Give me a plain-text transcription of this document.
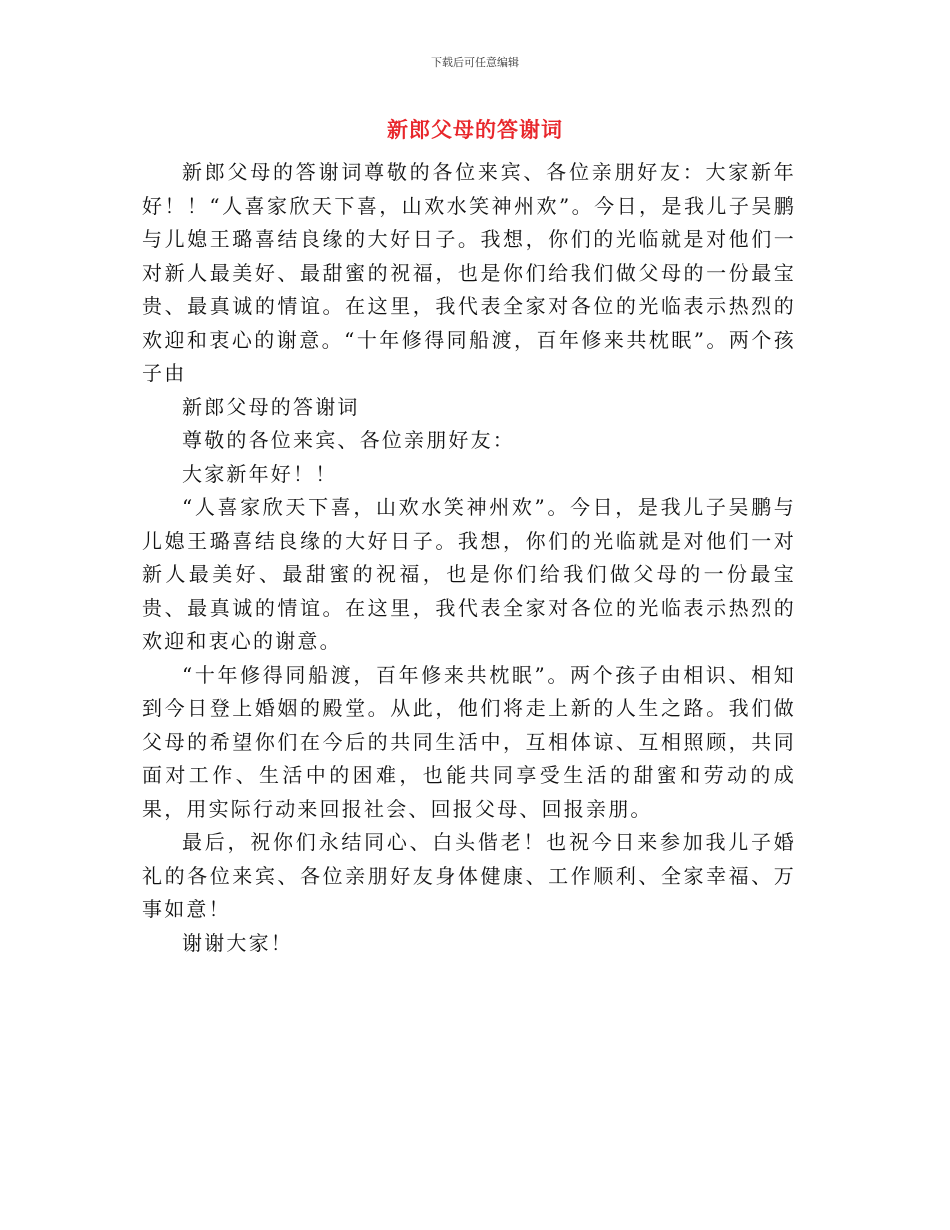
下载后可任意编辑
新郎父母的答谢词

新郎父母的答谢词尊敬的各位来宾、各位亲朋好友：大家新年好！！“人喜家欣天下喜，山欢水笑神州欢”。今日，是我儿子吴鹏与儿媳王璐喜结良缘的大好日子。我想，你们的光临就是对他们一对新人最美好、最甜蜜的祝福，也是你们给我们做父母的一份最宝贵、最真诚的情谊。在这里，我代表全家对各位的光临表示热烈的欢迎和衷心的谢意。“十年修得同船渡，百年修来共枕眠”。两个孩子由

新郎父母的答谢词

尊敬的各位来宾、各位亲朋好友：

大家新年好！！

“人喜家欣天下喜，山欢水笑神州欢”。今日，是我儿子吴鹏与儿媳王璐喜结良缘的大好日子。我想，你们的光临就是对他们一对新人最美好、最甜蜜的祝福，也是你们给我们做父母的一份最宝贵、最真诚的情谊。在这里，我代表全家对各位的光临表示热烈的欢迎和衷心的谢意。

“十年修得同船渡，百年修来共枕眠”。两个孩子由相识、相知到今日登上婚姻的殿堂。从此，他们将走上新的人生之路。我们做父母的希望你们在今后的共同生活中，互相体谅、互相照顾，共同面对工作、生活中的困难，也能共同享受生活的甜蜜和劳动的成果，用实际行动来回报社会、回报父母、回报亲朋。

最后，祝你们永结同心、白头偕老！也祝今日来参加我儿子婚礼的各位来宾、各位亲朋好友身体健康、工作顺利、全家幸福、万事如意！

谢谢大家！
